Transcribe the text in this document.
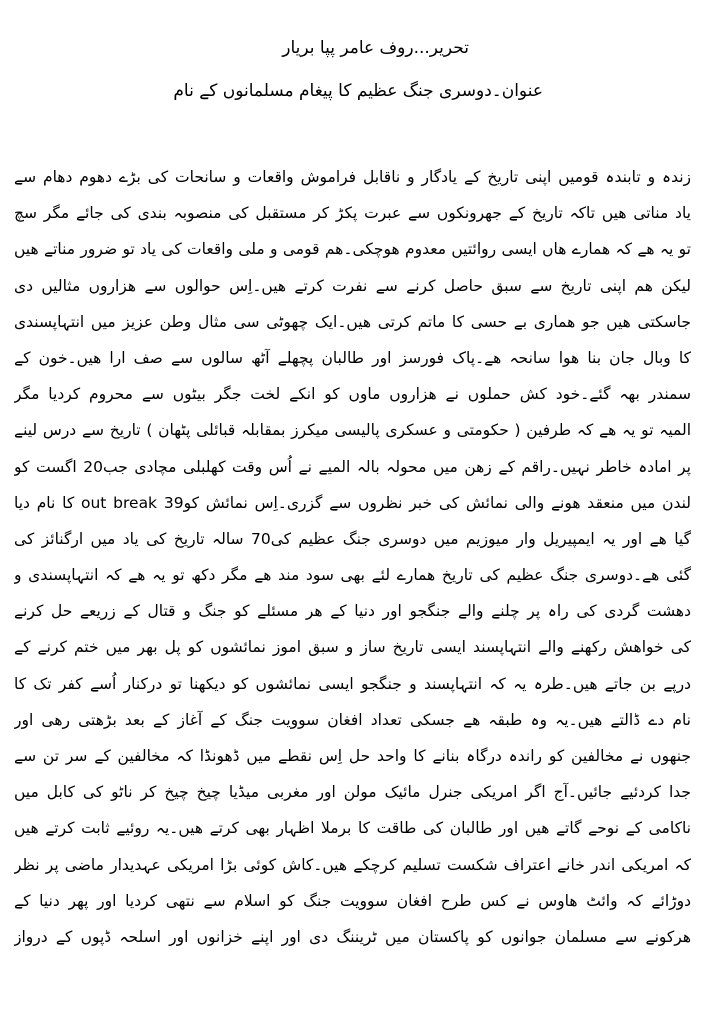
تحریر...روف عامر پپا بریار
عنوان۔دوسری جنگ عظیم کا پیغام مسلمانوں کے نام
زندہ و تابندہ قومیں اپنی تاریخ کے یادگار و ناقابل فراموش واقعات و سانحات کی بڑے دھوم دھام سے
یاد مناتی ھیں تاکہ تاریخ کے جھرونکوں سے عبرت پکڑ کر مستقبل کی منصوبہ بندی کی جائے مگر سچ
تو یہ ھے کہ ھمارے ھاں ایسی روائتیں معدوم ھوچکی۔ھم قومی و ملی واقعات کی یاد تو ضرور مناتے ھیں
لیکن ھم اپنی تاریخ سے سبق حاصل کرنے سے نفرت کرتے ھیں۔اِس حوالوں سے ھزاروں مثالیں دی
جاسکتی ھیں جو ھماری بے حسی کا ماتم کرتی ھیں۔ایک چھوٹی سی مثال وطن عزیز میں انتہاپسندی
کا وبال جان بنا ھوا سانحہ ھے۔پاک فورسز اور طالبان پچھلے آٹھ سالوں سے صف ارا ھیں۔خون کے
سمندر بھہ گئے۔خود کش حملوں نے ھزاروں ماوں کو انکے لخت جگر بیٹوں سے محروم کردیا مگر
المیہ تو یہ ھے کہ طرفین ( حکومتی و عسکری پالیسی میکرز بمقابلہ قبائلی پٹھان ) تاریخ سے درس لینے
پر امادہ خاطر نہیں۔راقم کے زھن میں محولہ بالہ المیے نے اُس وقت کھلبلی مچادی جب20 اگست کو
لندن میں منعقد ھونے والی نمائش کی خبر نظروں سے گزری۔اِس نمائش کو39 out break کا نام دیا
گیا ھے اور یہ ایمپیریل وار میوزیم میں دوسری جنگ عظیم کی70 سالہ تاریخ کی یاد میں ارگنائز کی
گئی ھے۔دوسری جنگ عظیم کی تاریخ ھمارے لئے بھی سود مند ھے مگر دکھ تو یہ ھے کہ انتہاپسندی و
دھشت گردی کی راہ پر چلنے والے جنگجو اور دنیا کے ھر مسئلے کو جنگ و قتال کے زریعے حل کرنے
کی خواھش رکھنے والے انتہاپسند ایسی تاریخ ساز و سبق اموز نمائشوں کو پل بھر میں ختم کرنے کے
درپے بن جاتے ھیں۔طرہ یہ کہ انتہاپسند و جنگجو ایسی نمائشوں کو دیکھنا تو درکنار اُسے کفر تک کا
نام دے ڈالتے ھیں۔یہ وہ طبقہ ھے جسکی تعداد افغان سوویت جنگ کے آغاز کے بعد بڑھتی رھی اور
جنھوں نے مخالفین کو راندہ درگاہ بنانے کا واحد حل اِس نقطے میں ڈھونڈا کہ مخالفین کے سر تن سے
جدا کردئیے جائیں۔آج اگر امریکی جنرل مائیک مولن اور مغربی میڈیا چیخ چیخ کر ناٹو کی کابل میں
ناکامی کے نوحے گاتے ھیں اور طالبان کی طاقت کا برملا اظہار بھی کرتے ھیں۔یہ روئیے ثابت کرتے ھیں
کہ امریکی اندر خانے اعتراف شکست تسلیم کرچکے ھیں۔کاش کوئی بڑا امریکی عہدیدار ماضی پر نظر
دوڑائے کہ وائٹ ھاوس نے کس طرح افغان سوویت جنگ کو اسلام سے نتھی کردیا اور پھر دنیا کے
ھرکونے سے مسلمان جوانوں کو پاکستان میں ٹریننگ دی اور اپنے خزانوں اور اسلحہ ڈپوں کے درواز
